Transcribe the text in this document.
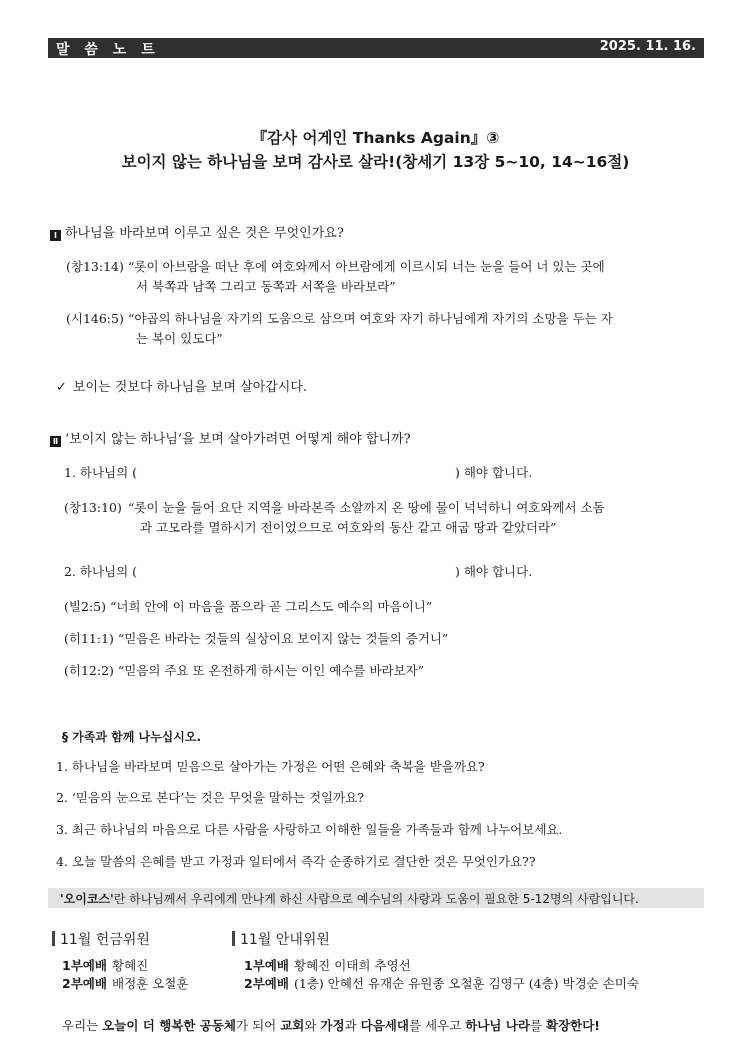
말 씀 노 트	2025. 11. 16.
『감사 어게인 Thanks Again』③
보이지 않는 하나님을 보며 감사로 살라!(창세기 13장 5~10, 14~16절)
Ⅰ 하나님을 바라보며 이루고 싶은 것은 무엇인가요?
(창13:14) “롯이 아브람을 떠난 후에 여호와께서 아브람에게 이르시되 너는 눈을 들어 너 있는 곳에
서 북쪽과 남쪽 그리고 동쪽과 서쪽을 바라보라”
(시146:5) “야곱의 하나님을 자기의 도움으로 삼으며 여호와 자기 하나님에게 자기의 소망을 두는 자
는 복이 있도다”
✓ 보이는 것보다 하나님을 보며 살아갑시다.
Ⅱ ‘보이지 않는 하나님’을 보며 살아가려면 어떻게 해야 합니까?
1. 하나님의 (	) 해야 합니다.
(창13:10) “롯이 눈을 들어 요단 지역을 바라본즉 소알까지 온 땅에 물이 넉넉하니 여호와께서 소돔
과 고모라를 멸하시기 전이었으므로 여호와의 동산 같고 애굽 땅과 같았더라”
2. 하나님의 (	) 해야 합니다.
(빌2:5) “너희 안에 이 마음을 품으라 곧 그리스도 예수의 마음이니”
(히11:1) “믿음은 바라는 것들의 실상이요 보이지 않는 것들의 증거니”
(히12:2) “믿음의 주요 또 온전하게 하시는 이인 예수를 바라보자”
§ 가족과 함께 나누십시오.
1. 하나님을 바라보며 믿음으로 살아가는 가정은 어떤 은혜와 축복을 받을까요?
2. ‘믿음의 눈으로 본다’는 것은 무엇을 말하는 것일까요?
3. 최근 하나님의 마음으로 다른 사람을 사랑하고 이해한 일들을 가족들과 함께 나누어보세요.
4. 오늘 말씀의 은혜를 받고 가정과 일터에서 즉각 순종하기로 결단한 것은 무엇인가요??
'오이코스'란 하나님께서 우리에게 만나게 하신 사람으로 예수님의 사랑과 도움이 필요한 5-12명의 사람입니다.
11월 헌금위원
1부예배 황혜진
2부예배 배정훈 오철훈
11월 안내위원
1부예배 황혜진 이태희 추영선
2부예배 (1층) 안혜선 유재순 유원종 오철훈 김영구 (4층) 박경순 손미숙
우리는 오늘이 더 행복한 공동체가 되어 교회와 가정과 다음세대를 세우고 하나님 나라를 확장한다!
